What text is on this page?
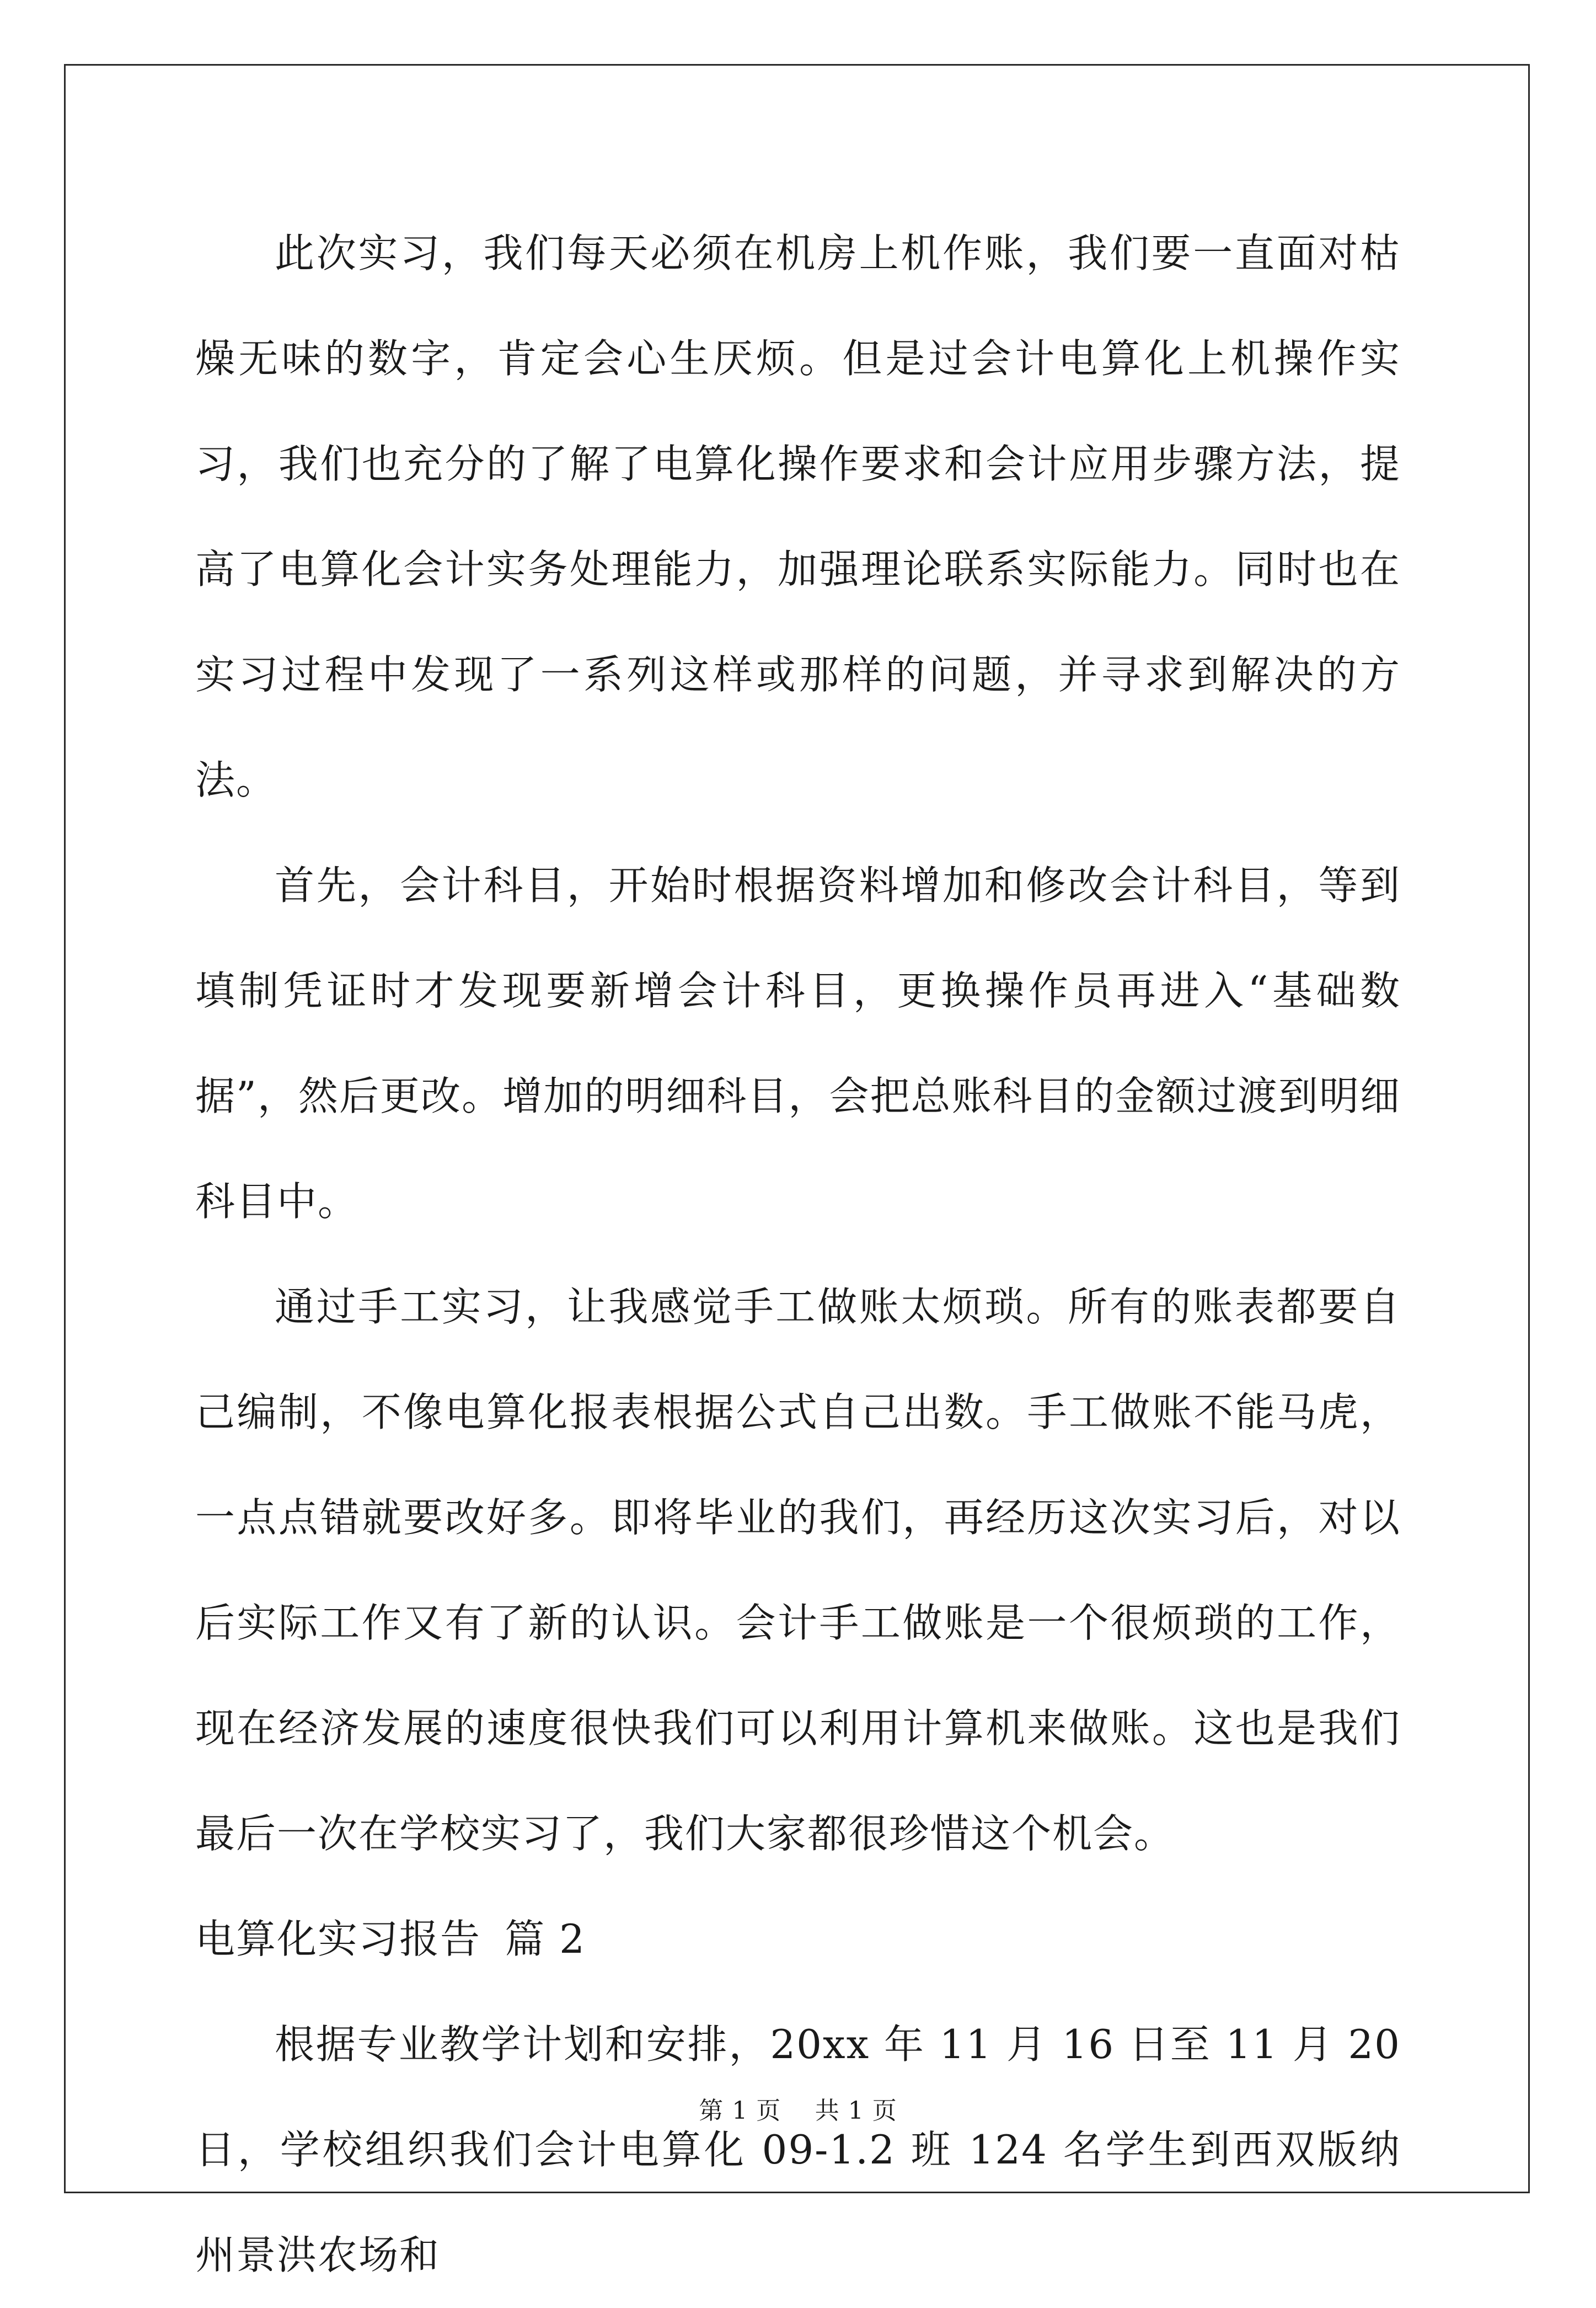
此次实习，我们每天必须在机房上机作账，我们要一直面对枯燥无味的数字，肯定会心生厌烦。但是过会计电算化上机操作实习，我们也充分的了解了电算化操作要求和会计应用步骤方法，提高了电算化会计实务处理能力，加强理论联系实际能力。同时也在实习过程中发现了一系列这样或那样的问题，并寻求到解决的方法。

首先，会计科目，开始时根据资料增加和修改会计科目，等到填制凭证时才发现要新增会计科目，更换操作员再进入“基础数据”，然后更改。增加的明细科目，会把总账科目的金额过渡到明细科目中。

通过手工实习，让我感觉手工做账太烦琐。所有的账表都要自己编制，不像电算化报表根据公式自己出数。手工做账不能马虎，一点点错就要改好多。即将毕业的我们，再经历这次实习后，对以后实际工作又有了新的认识。会计手工做账是一个很烦琐的工作，现在经济发展的速度很快我们可以利用计算机来做账。这也是我们最后一次在学校实习了，我们大家都很珍惜这个机会。

电算化实习报告 篇 2

根据专业教学计划和安排，20xx 年 11 月 16 日至 11 月 20 日，学校组织我们会计电算化 09-1.2 班 124 名学生到西双版纳州景洪农场和

第 1 页 共 1 页
